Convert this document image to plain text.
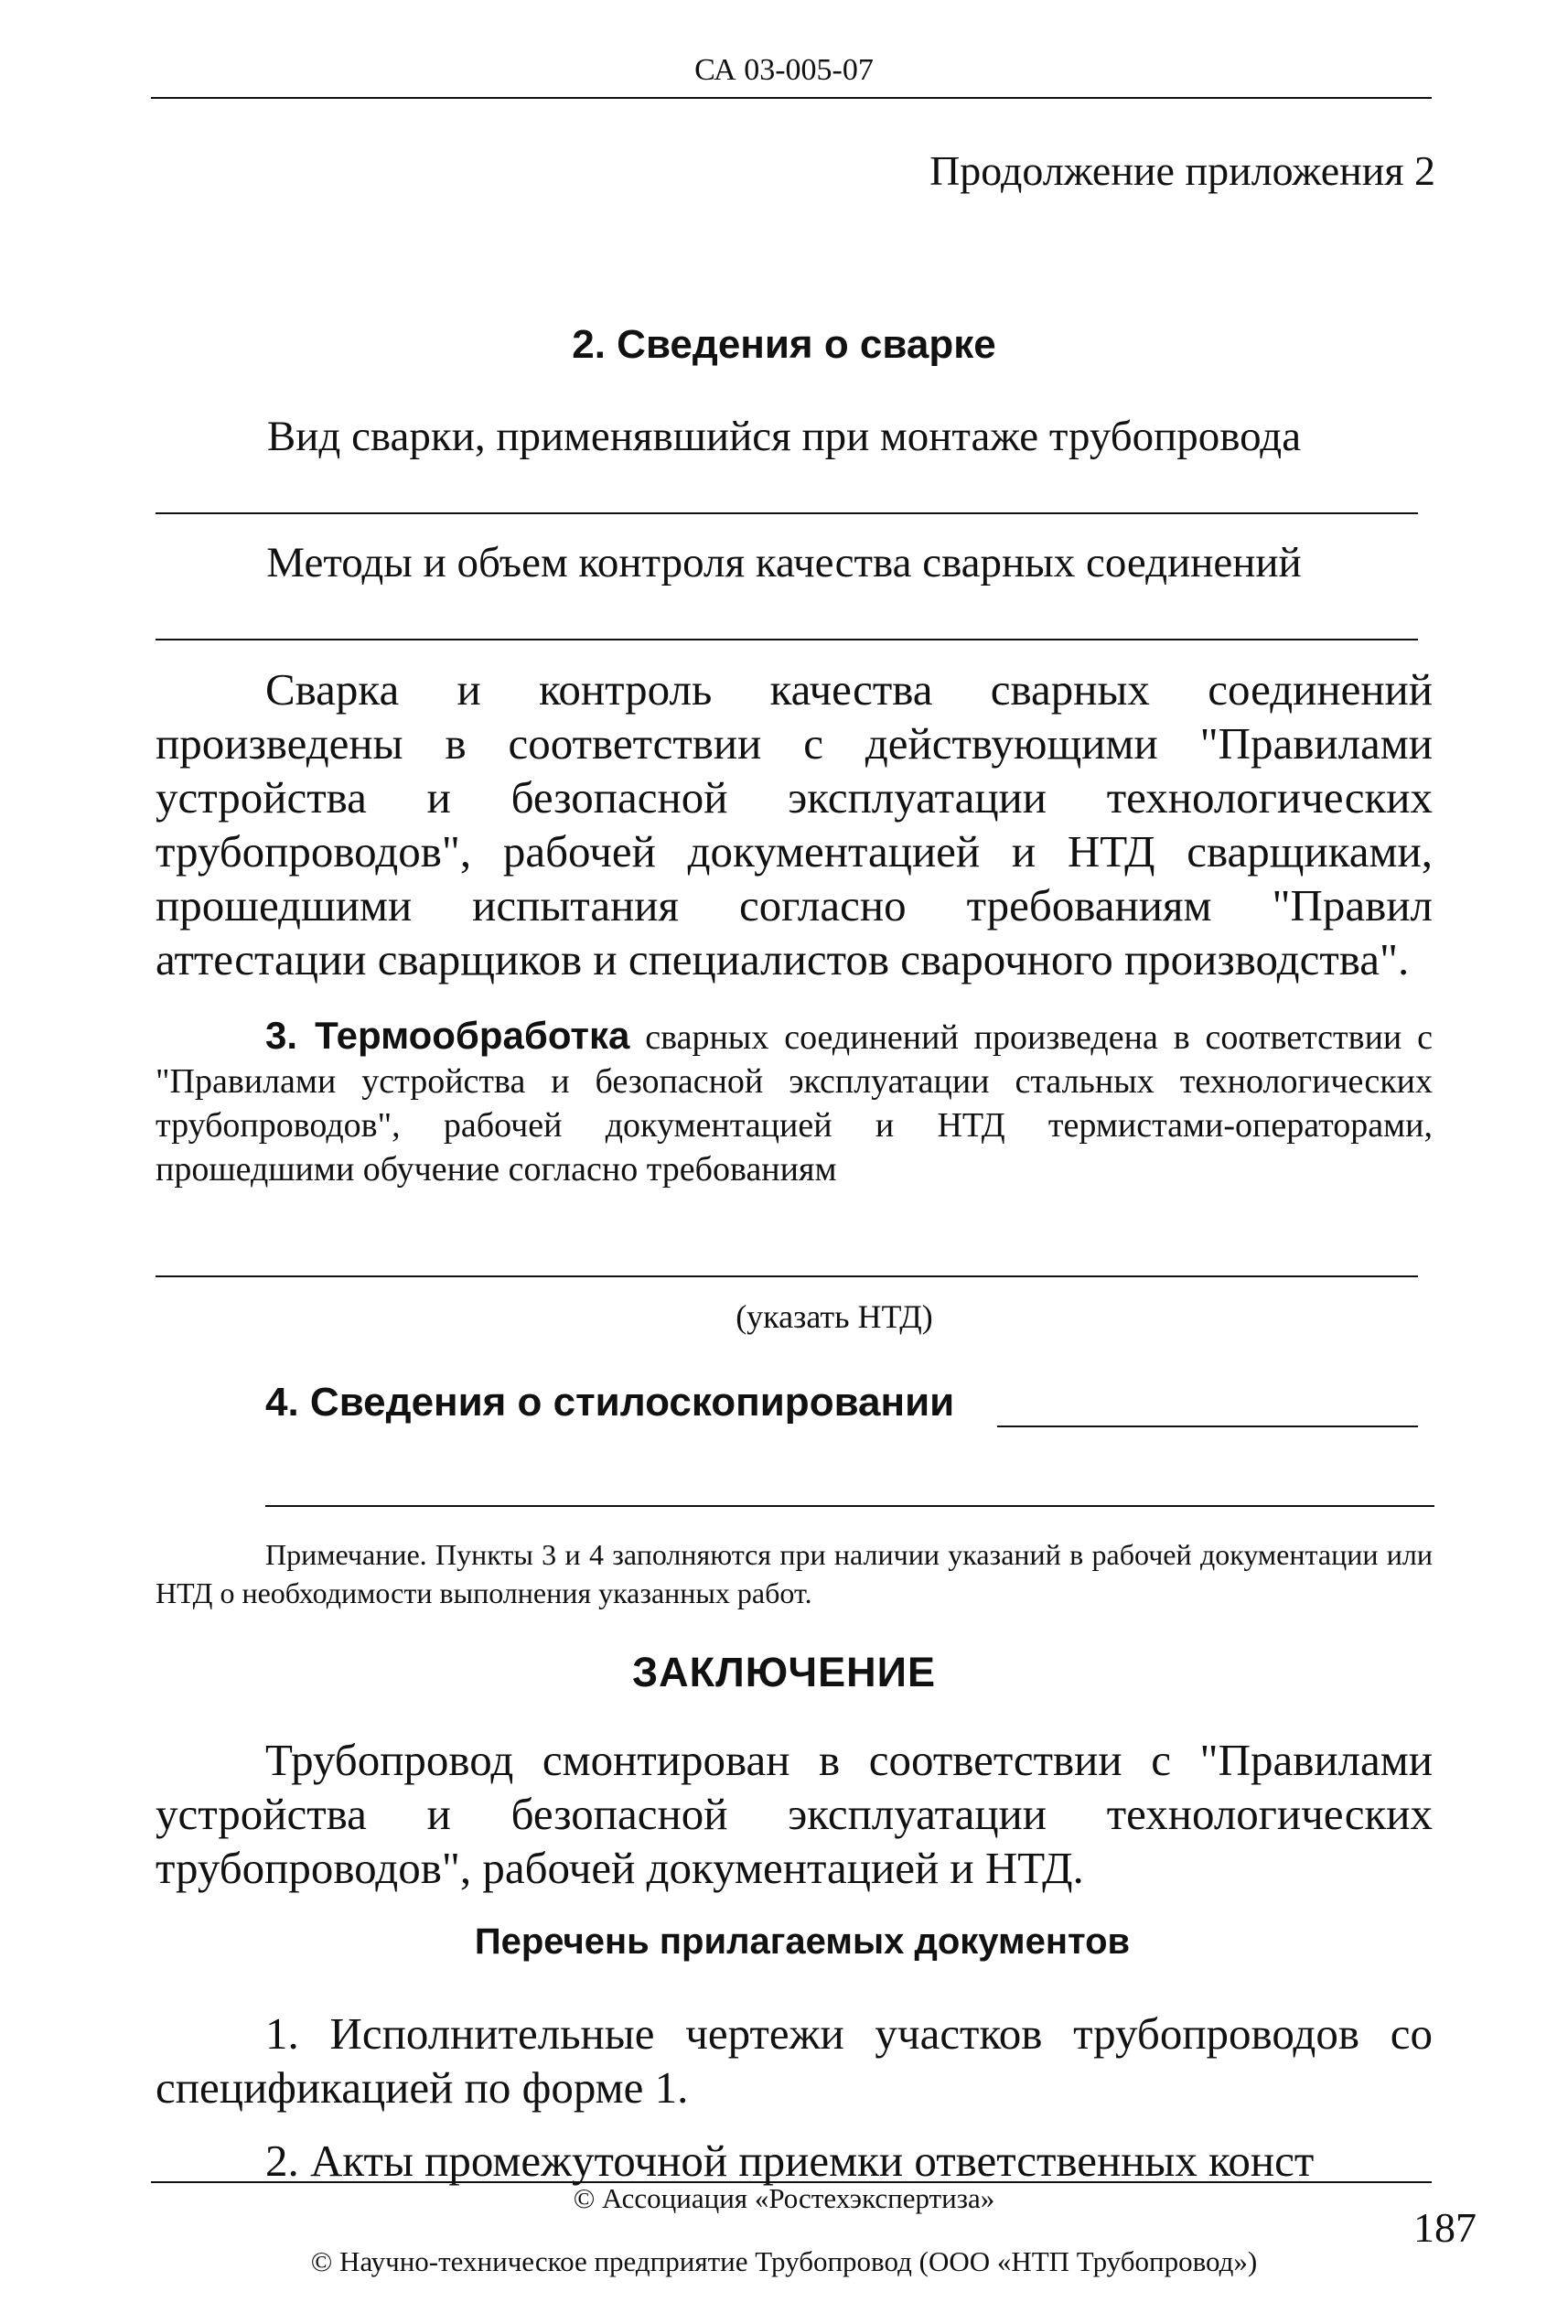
СА 03-005-07
Продолжение приложения 2
2. Сведения о сварке
Вид сварки, применявшийся при монтаже трубопровода
Методы и объем контроля качества сварных соединений

Сварка и контроль качества сварных соединений произведены в соответствии с действующими "Правилами устройства и безопасной эксплуатации технологических трубопроводов", рабочей документацией и НТД сварщиками, прошедшими испытания согласно требованиям "Правил аттестации сварщиков и специалистов сварочного производства".

3. Термообработка сварных соединений произведена в соответствии с "Правилами устройства и безопасной эксплуатации стальных технологических трубопроводов", рабочей документацией и НТД термистами-операторами, прошедшими обучение согласно требованиям

(указать НТД)
4. Сведения о стилоскопировании

Примечание. Пункты 3 и 4 заполняются при наличии указаний в рабочей документации или НТД о необходимости выполнения указанных работ.

ЗАКЛЮЧЕНИЕ

Трубопровод смонтирован в соответствии с "Правилами устройства и безопасной эксплуатации технологических трубопроводов", рабочей документацией и НТД.

Перечень прилагаемых документов

1. Исполнительные чертежи участков трубопроводов со спецификацией по форме 1.

2. Акты промежуточной приемки ответственных конст
© Ассоциация «Ростехэкспертиза»
© Научно-техническое предприятие Трубопровод (ООО «НТП Трубопровод»)
187
